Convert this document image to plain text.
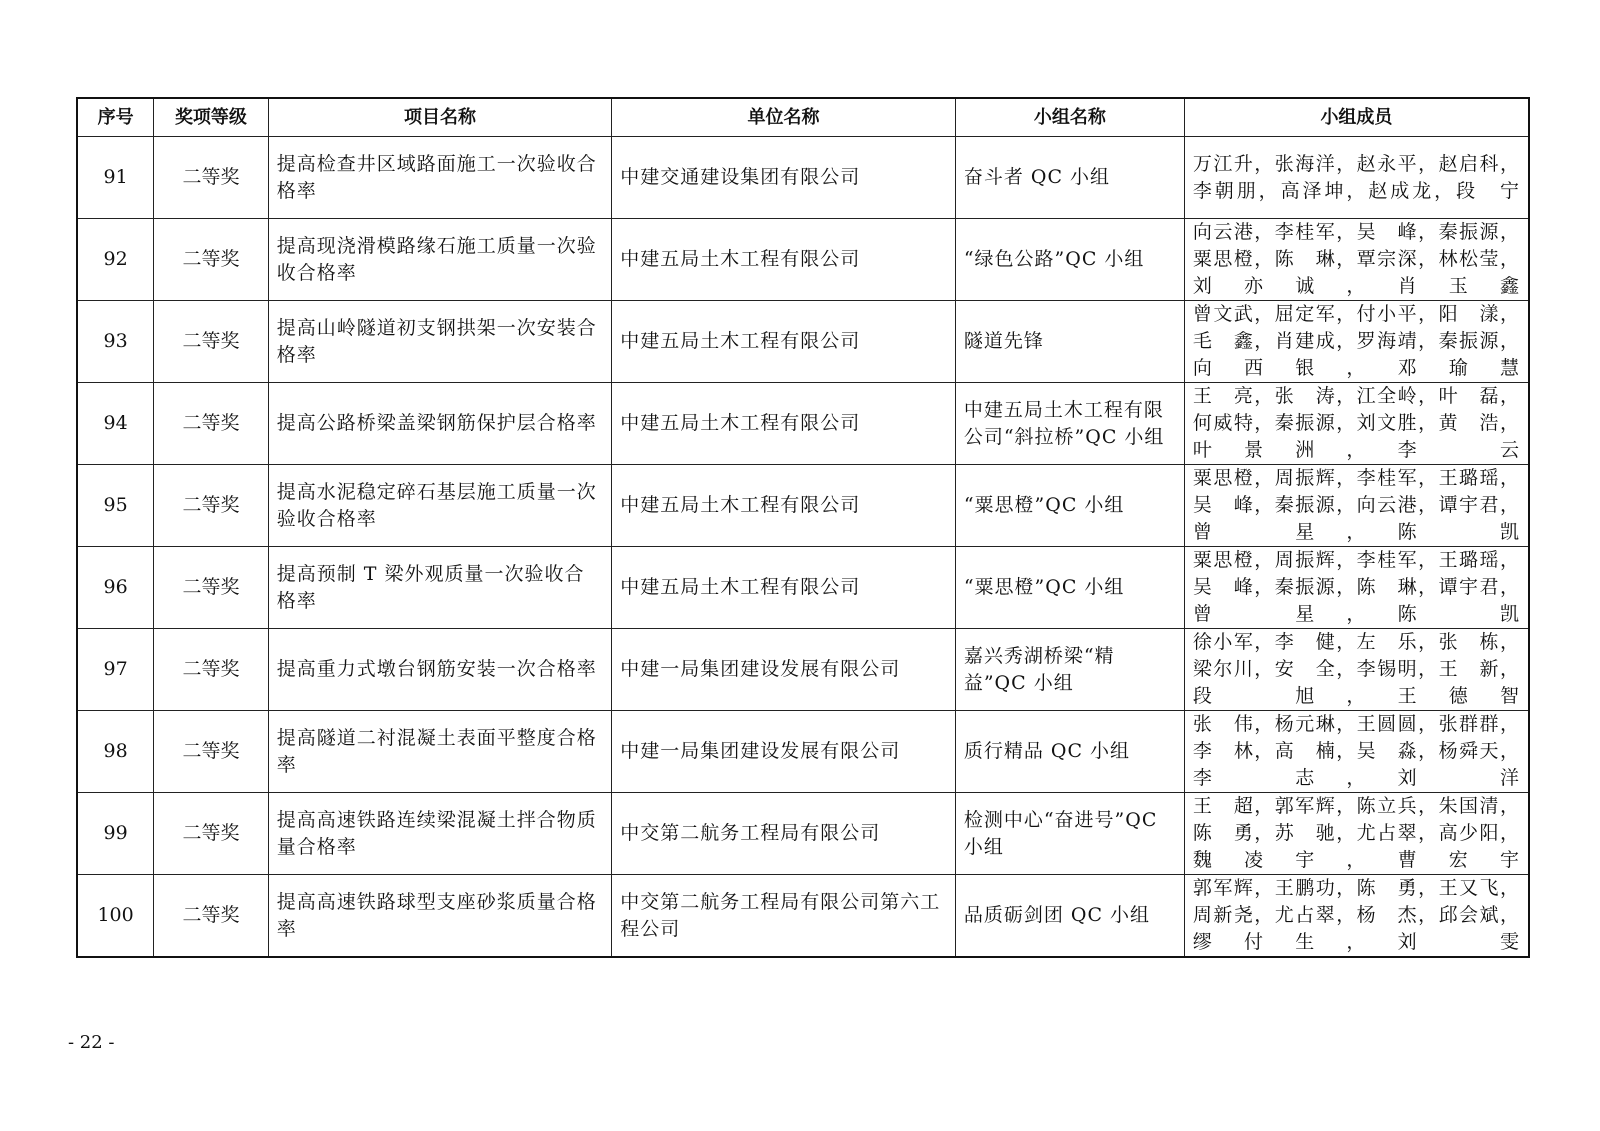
序号	奖项等级	项目名称	单位名称	小组名称	小组成员
91	二等奖	提高检查井区域路面施工一次验收合格率	中建交通建设集团有限公司	奋斗者 QC 小组	万江升，张海洋，赵永平，赵启科，李朝朋，高泽坤，赵成龙，段　宁
92	二等奖	提高现浇滑模路缘石施工质量一次验收合格率	中建五局土木工程有限公司	“绿色公路”QC 小组	向云港，李桂军，吴　峰，秦振源，粟思橙，陈　琳，覃宗深，林松莹，刘亦诚，肖玉鑫
93	二等奖	提高山岭隧道初支钢拱架一次安装合格率	中建五局土木工程有限公司	隧道先锋	曾文武，屈定军，付小平，阳　漾，毛　鑫，肖建成，罗海靖，秦振源，向西银，邓瑜慧
94	二等奖	提高公路桥梁盖梁钢筋保护层合格率	中建五局土木工程有限公司	中建五局土木工程有限公司“斜拉桥”QC 小组	王　亮，张　涛，江全岭，叶　磊，何威特，秦振源，刘文胜，黄　浩，叶景洲，李　云
95	二等奖	提高水泥稳定碎石基层施工质量一次验收合格率	中建五局土木工程有限公司	“粟思橙”QC 小组	粟思橙，周振辉，李桂军，王璐瑶，吴　峰，秦振源，向云港，谭宇君，曾　星，陈　凯
96	二等奖	提高预制 T 梁外观质量一次验收合格率	中建五局土木工程有限公司	“粟思橙”QC 小组	粟思橙，周振辉，李桂军，王璐瑶，吴　峰，秦振源，陈　琳，谭宇君，曾　星，陈　凯
97	二等奖	提高重力式墩台钢筋安装一次合格率	中建一局集团建设发展有限公司	嘉兴秀湖桥梁“精益”QC 小组	徐小军，李　健，左　乐，张　栋，梁尔川，安　全，李锡明，王　新，段　旭，王德智
98	二等奖	提高隧道二衬混凝土表面平整度合格率	中建一局集团建设发展有限公司	质行精品 QC 小组	张　伟，杨元琳，王圆圆，张群群，李　林，高　楠，吴　淼，杨舜天，李　志，刘　洋
99	二等奖	提高高速铁路连续梁混凝土拌合物质量合格率	中交第二航务工程局有限公司	检测中心“奋进号”QC 小组	王　超，郭军辉，陈立兵，朱国清，陈　勇，苏　驰，尤占翠，高少阳，魏凌宇，曹宏宇
100	二等奖	提高高速铁路球型支座砂浆质量合格率	中交第二航务工程局有限公司第六工程公司	品质砺剑团 QC 小组	郭军辉，王鹏功，陈　勇，王又飞，周新尧，尤占翠，杨　杰，邱会斌，缪付生，刘　雯
- 22 -
